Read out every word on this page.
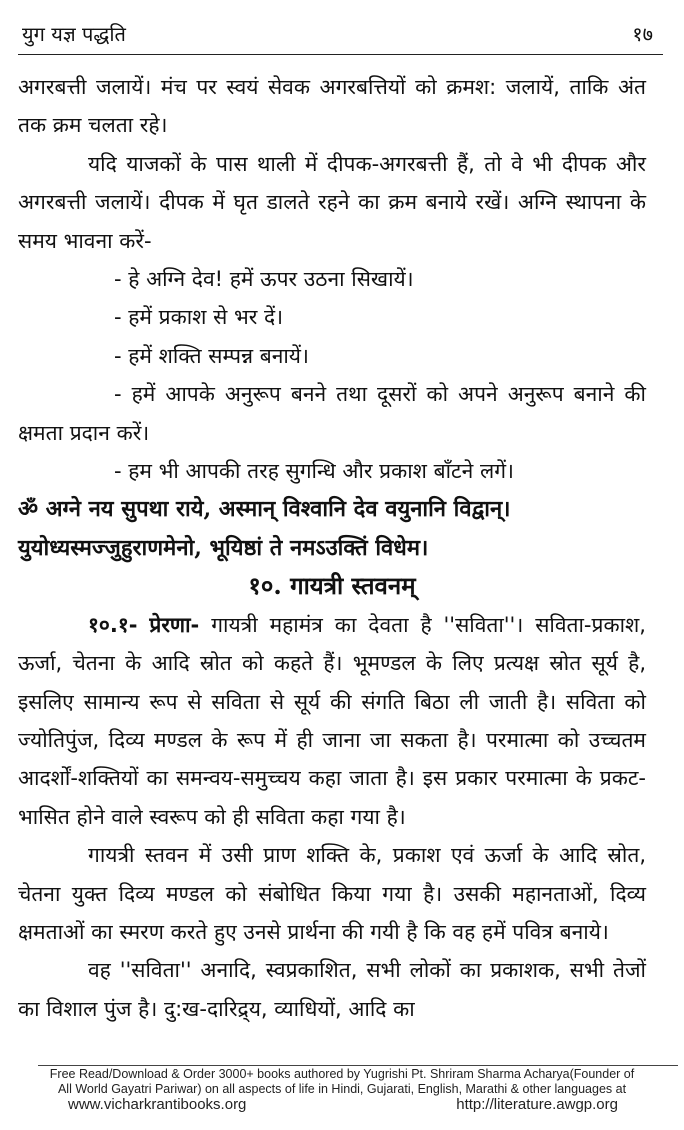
युग यज्ञ पद्धति	१७

अगरबत्ती जलायें। मंच पर स्वयं सेवक अगरबत्तियों को क्रमश: जलायें, ताकि अंत तक क्रम चलता रहे।

यदि याजकों के पास थाली में दीपक-अगरबत्ती हैं, तो वे भी दीपक और अगरबत्ती जलायें। दीपक में घृत डालते रहने का क्रम बनाये रखें। अग्नि स्थापना के समय भावना करें-

- हे अग्नि देव! हमें ऊपर उठना सिखायें।

- हमें प्रकाश से भर दें।

- हमें शक्ति सम्पन्न बनायें।

- हमें आपके अनुरूप बनने तथा दूसरों को अपने अनुरूप बनाने की क्षमता प्रदान करें।

- हम भी आपकी तरह सुगन्धि और प्रकाश बाँटने लगें।

ॐ अग्ने नय सुपथा राये, अस्मान् विश्वानि देव वयुनानि विद्वान्।

युयोध्यस्मज्जुहुराणमेनो, भूयिष्ठां ते नमऽउक्तिं विधेम।

१०. गायत्री स्तवनम्

१०.१- प्रेरणा- गायत्री महामंत्र का देवता है ''सविता''। सविता-प्रकाश, ऊर्जा, चेतना के आदि स्रोत को कहते हैं। भूमण्डल के लिए प्रत्यक्ष स्रोत सूर्य है, इसलिए सामान्य रूप से सविता से सूर्य की संगति बिठा ली जाती है। सविता को ज्योतिपुंज, दिव्य मण्डल के रूप में ही जाना जा सकता है। परमात्मा को उच्चतम आदर्शों-शक्तियों का समन्वय-समुच्चय कहा जाता है। इस प्रकार परमात्मा के प्रकट-भासित होने वाले स्वरूप को ही सविता कहा गया है।

गायत्री स्तवन में उसी प्राण शक्ति के, प्रकाश एवं ऊर्जा के आदि स्रोत, चेतना युक्त दिव्य मण्डल को संबोधित किया गया है। उसकी महानताओं, दिव्य क्षमताओं का स्मरण करते हुए उनसे प्रार्थना की गयी है कि वह हमें पवित्र बनाये।

वह ''सविता'' अनादि, स्वप्रकाशित, सभी लोकों का प्रकाशक, सभी तेजों का विशाल पुंज है। दु:ख-दारिद्र्य, व्याधियों, आदि का

Free Read/Download & Order 3000+ books authored by Yugrishi Pt. Shriram Sharma Acharya(Founder of
All World Gayatri Pariwar) on all aspects of life in Hindi, Gujarati, English, Marathi & other languages at
www.vicharkrantibooks.org	http://literature.awgp.org
